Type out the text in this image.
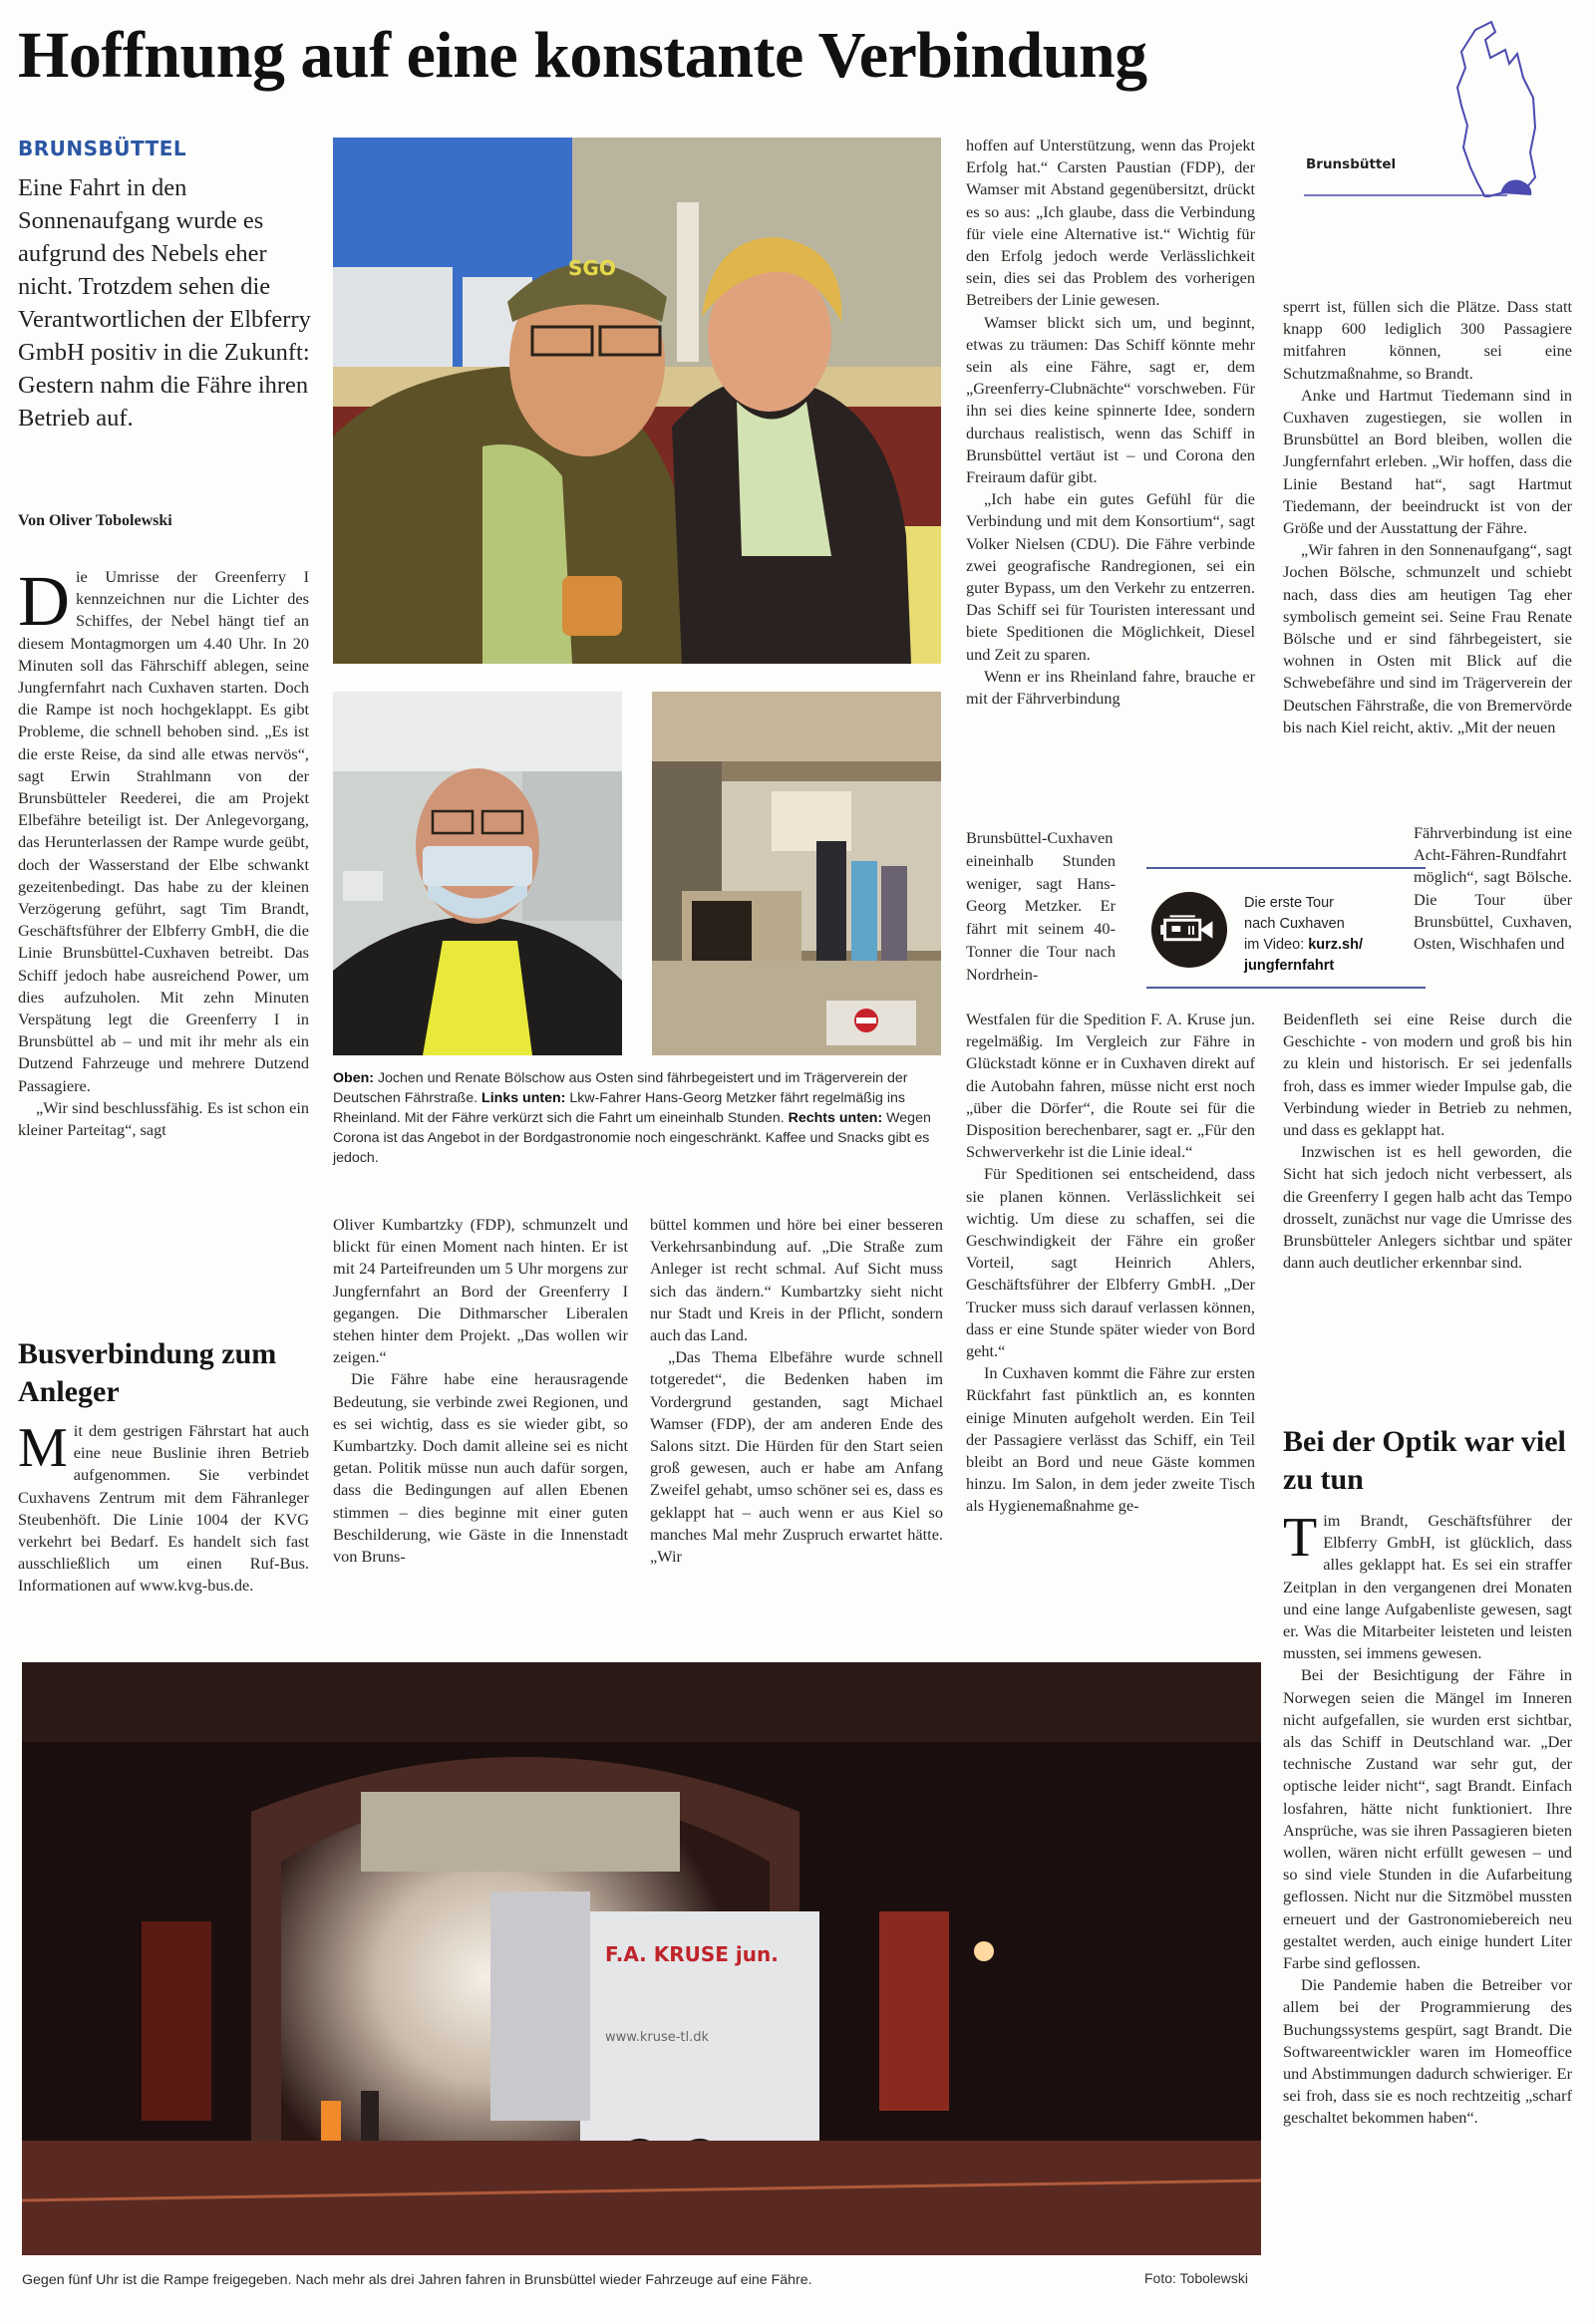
Hoffnung auf eine konstante Verbindung
Brunsbüttel
BRUNSBÜTTEL
Eine Fahrt in den Sonnenaufgang wurde es aufgrund des Nebels eher nicht. Trotzdem sehen die Verantwortlichen der Elbferry GmbH positiv in die Zukunft: Gestern nahm die Fähre ihren Betrieb auf.
Von Oliver Tobolewski

Die Umrisse der Greenferry I kennzeichnen nur die Lichter des Schiffes, der Nebel hängt tief an diesem Montagmorgen um 4.40 Uhr. In 20 Minuten soll das Fährschiff ablegen, seine Jungfernfahrt nach Cuxhaven starten. Doch die Rampe ist noch hochgeklappt. Es gibt Probleme, die schnell behoben sind. „Es ist die erste Reise, da sind alle etwas nervös“, sagt Erwin Strahlmann von der Brunsbütteler Reederei, die am Projekt Elbefähre beteiligt ist. Der Anlegevorgang, das Herunterlassen der Rampe wurde geübt, doch der Wasserstand der Elbe schwankt gezeitenbedingt. Das habe zu der kleinen Verzögerung geführt, sagt Tim Brandt, Geschäftsführer der Elbferry GmbH, die die Linie Brunsbüttel-Cuxhaven betreibt. Das Schiff jedoch habe ausreichend Power, um dies aufzuholen. Mit zehn Minuten Verspätung legt die Greenferry I in Brunsbüttel ab – und mit ihr mehr als ein Dutzend Fahrzeuge und mehrere Dutzend Passagiere.

„Wir sind beschlussfähig. Es ist schon ein kleiner Parteitag“, sagt

Busverbindung zum Anleger

Mit dem gestrigen Fährstart hat auch eine neue Buslinie ihren Betrieb aufgenommen. Sie verbindet Cuxhavens Zentrum mit dem Fähranleger Steubenhöft. Die Linie 1004 der KVG verkehrt bei Bedarf. Es handelt sich fast ausschließlich um einen Ruf-Bus. Informationen auf www.kvg-bus.de.

SGO
Oben: Jochen und Renate Bölschow aus Osten sind fährbegeistert und im Trägerverein der Deutschen Fährstraße. Links unten: Lkw-Fahrer Hans-Georg Metzker fährt regelmäßig ins Rheinland. Mit der Fähre verkürzt sich die Fahrt um eineinhalb Stunden. Rechts unten: Wegen Corona ist das Angebot in der Bordgastronomie noch eingeschränkt. Kaffee und Snacks gibt es jedoch.

Oliver Kumbartzky (FDP), schmunzelt und blickt für einen Moment nach hinten. Er ist mit 24 Parteifreunden um 5 Uhr morgens zur Jungfernfahrt an Bord der Greenferry I gegangen. Die Dithmarscher Liberalen stehen hinter dem Projekt. „Das wollen wir zeigen.“

Die Fähre habe eine herausragende Bedeutung, sie verbinde zwei Regionen, und es sei wichtig, dass es sie wieder gibt, so Kumbartzky. Doch damit alleine sei es nicht getan. Politik müsse nun auch dafür sorgen, dass die Bedingungen auf allen Ebenen stimmen – dies beginne mit einer guten Beschilderung, wie Gäste in die Innenstadt von Bruns-

büttel kommen und höre bei einer besseren Verkehrsanbindung auf. „Die Straße zum Anleger ist recht schmal. Auf Sicht muss sich das ändern.“ Kumbartzky sieht nicht nur Stadt und Kreis in der Pflicht, sondern auch das Land.

„Das Thema Elbefähre wurde schnell totgeredet“, die Bedenken haben im Vordergrund gestanden, sagt Michael Wamser (FDP), der am anderen Ende des Salons sitzt. Die Hürden für den Start seien groß gewesen, auch er habe am Anfang Zweifel gehabt, umso schöner sei es, dass es geklappt hat – auch wenn er aus Kiel so manches Mal mehr Zuspruch erwartet hätte. „Wir

hoffen auf Unterstützung, wenn das Projekt Erfolg hat.“ Carsten Paustian (FDP), der Wamser mit Abstand gegenübersitzt, drückt es so aus: „Ich glaube, dass die Verbindung für viele eine Alternative ist.“ Wichtig für den Erfolg jedoch werde Verlässlichkeit sein, dies sei das Problem des vorherigen Betreibers der Linie gewesen.

Wamser blickt sich um, und beginnt, etwas zu träumen: Das Schiff könnte mehr sein als eine Fähre, sagt er, dem „Greenferry-Clubnächte“ vorschweben. Für ihn sei dies keine spinnerte Idee, sondern durchaus realistisch, wenn das Schiff in Brunsbüttel vertäut ist – und Corona den Freiraum dafür gibt.

„Ich habe ein gutes Gefühl für die Verbindung und mit dem Konsortium“, sagt Volker Nielsen (CDU). Die Fähre verbinde zwei geografische Randregionen, sei ein guter Bypass, um den Verkehr zu entzerren. Das Schiff sei für Touristen interessant und biete Speditionen die Möglichkeit, Diesel und Zeit zu sparen.

Wenn er ins Rheinland fahre, brauche er mit der Fährverbindung

Brunsbüttel-Cuxhaven eineinhalb Stunden weniger, sagt Hans-Georg Metzker. Er fährt mit seinem 40-Tonner die Tour nach Nordrhein-

Westfalen für die Spedition F. A. Kruse jun. regelmäßig. Im Vergleich zur Fähre in Glückstadt könne er in Cuxhaven direkt auf die Autobahn fahren, müsse nicht erst noch „über die Dörfer“, die Route sei für die Disposition berechenbarer, sagt er. „Für den Schwerverkehr ist die Linie ideal.“

Für Speditionen sei entscheidend, dass sie planen können. Verlässlichkeit sei wichtig. Um diese zu schaffen, sei die Geschwindigkeit der Fähre ein großer Vorteil, sagt Heinrich Ahlers, Geschäftsführer der Elbferry GmbH. „Der Trucker muss sich darauf verlassen können, dass er eine Stunde später wieder von Bord geht.“

In Cuxhaven kommt die Fähre zur ersten Rückfahrt fast pünktlich an, es konnten einige Minuten aufgeholt werden. Ein Teil der Passagiere verlässt das Schiff, ein Teil bleibt an Bord und neue Gäste kommen hinzu. Im Salon, in dem jeder zweite Tisch als Hygienemaßnahme ge-

Die erste Tour
nach Cuxhaven
im Video: kurz.sh/
jungfernfahrt

sperrt ist, füllen sich die Plätze. Dass statt knapp 600 lediglich 300 Passagiere mitfahren können, sei eine Schutzmaßnahme, so Brandt.

Anke und Hartmut Tiedemann sind in Cuxhaven zugestiegen, sie wollen in Brunsbüttel an Bord bleiben, wollen die Jungfernfahrt erleben. „Wir hoffen, dass die Linie Bestand hat“, sagt Hartmut Tiedemann, der beeindruckt ist von der Größe und der Ausstattung der Fähre.

„Wir fahren in den Sonnenaufgang“, sagt Jochen Bölsche, schmunzelt und schiebt nach, dass dies am heutigen Tag eher symbolisch gemeint sei. Seine Frau Renate Bölsche und er sind fährbegeistert, sie wohnen in Osten mit Blick auf die Schwebefähre und sind im Trägerverein der Deutschen Fährstraße, die von Bremervörde bis nach Kiel reicht, aktiv. „Mit der neuen

Fährverbindung ist eine Acht-Fähren-Rundfahrt möglich“, sagt Bölsche. Die Tour über Brunsbüttel, Cuxhaven, Osten, Wischhafen und

Beidenfleth sei eine Reise durch die Geschichte - von modern und groß bis hin zu klein und historisch. Er sei jedenfalls froh, dass es immer wieder Impulse gab, die Verbindung wieder in Betrieb zu nehmen, und dass es geklappt hat.

Inzwischen ist es hell geworden, die Sicht hat sich jedoch nicht verbessert, als die Greenferry I gegen halb acht das Tempo drosselt, zunächst nur vage die Umrisse des Brunsbütteler Anlegers sichtbar und später dann auch deutlicher erkennbar sind.

Bei der Optik war viel zu tun

Tim Brandt, Geschäftsführer der Elbferry GmbH, ist glücklich, dass alles geklappt hat. Es sei ein straffer Zeitplan in den vergangenen drei Monaten und eine lange Aufgabenliste gewesen, sagt er. Was die Mitarbeiter leisteten und leisten mussten, sei immens gewesen.

Bei der Besichtigung der Fähre in Norwegen seien die Mängel im Inneren nicht aufgefallen, sie wurden erst sichtbar, als das Schiff in Deutschland war. „Der technische Zustand war sehr gut, der optische leider nicht“, sagt Brandt. Einfach losfahren, hätte nicht funktioniert. Ihre Ansprüche, was sie ihren Passagieren bieten wollen, wären nicht erfüllt gewesen – und so sind viele Stunden in die Aufarbeitung geflossen. Nicht nur die Sitzmöbel mussten erneuert und der Gastronomiebereich neu gestaltet werden, auch einige hundert Liter Farbe sind geflossen.

Die Pandemie haben die Betreiber vor allem bei der Programmierung des Buchungssystems gespürt, sagt Brandt. Die Softwareentwickler waren im Homeoffice und Abstimmungen dadurch schwieriger. Er sei froh, dass sie es noch rechtzeitig „scharf geschaltet bekommen haben“.

F.A. KRUSE jun.
www.kruse-tl.dk
Gegen fünf Uhr ist die Rampe freigegeben. Nach mehr als drei Jahren fahren in Brunsbüttel wieder Fahrzeuge auf eine Fähre.	Foto: Tobolewski
